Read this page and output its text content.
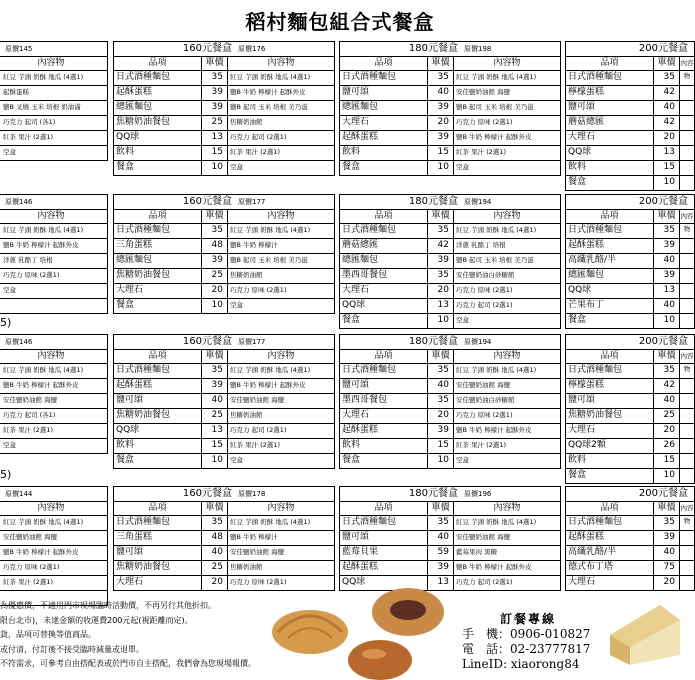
稻村麵包組合式餐盒
原價145
內容物
紅豆 芋頭 奶酥 地瓜 (4選1)
起酥蛋糕
鹽B 叉燒 玉米 培根 奶油滿
巧克力 起司 (各1)
紅茶 果汁 (2選1)
空盒
160元餐盒 原價176
品項	單價	內容物
日式酒種麵包	35	紅豆 芋頭 奶酥 地瓜 (4選1)
起酥蛋糕	39	鹽B 牛奶 檸檬汁 起酥外皮
總匯麵包	39	鹽B 起司 玉米 培根 美乃滋
焦糖奶油餐包	25	焦糖奶油館
QQ球	13	巧克力 起司 (2選1)
飲料	15	紅茶 果汁 (2選1)
餐盒	10	空盒
180元餐盒 原價198
品項	單價	內容物
日式酒種麵包	35	紅豆 芋頭 奶酥 地瓜 (4選1)
鹽可頌	40	安佳鹽奶油館 海鹽
總匯麵包	39	鹽B 起司 玉米 培根 美乃滋
大理石	20	巧克力 原味 (2選1)
起酥蛋糕	39	鹽B 牛奶 檸檬汁 起酥外皮
飲料	15	紅茶 果汁 (2選1)
餐盒	10	空盒
200元餐盒
品項	單價 內容物
日式酒種麵包	35
檸檬蛋糕	42
鹽可頌	40
蘑菇總匯	42
大理石	20
QQ球	13
飲料	15
餐盒	10
原價146
內容物
紅豆 芋頭 奶酥 地瓜 (4選1)
鹽B 牛奶 檸檬汁 起酥外皮
洋蔥 乳酪丁 培根
巧克力 原味 (2選1)
空盒
160元餐盒 原價177
品項	單價	內容物
日式酒種麵包	35	紅豆 芋頭 奶酥 地瓜 (4選1)
三角蛋糕	48	鹽B 牛奶 檸檬汁
總匯麵包	39	鹽B 起司 玉米 培根 美乃滋
焦糖奶油餐包	25	焦糖奶油館
大理石	20	巧克力 原味 (2選1)
餐盒	10	空盒
180元餐盒 原價194
品項	單價	內容物
日式酒種麵包	35	紅豆 芋頭 奶酥 地瓜 (4選1)
蘑菇總匯	42	洋蔥 乳酪丁 培根
總匯麵包	39	鹽B 起司 玉米 培根 美乃滋
墨西哥餐包	35	安佳鹽奶油白砂糖館
大理石	20	巧克力 原味 (2選1)
QQ球	13	巧克力 起司 (2選1)
餐盒	10	空盒
200元餐盒
品項	單價 內容物
日式酒種麵包	35
起酥蛋糕	39
高纖乳酪/半	40
總匯麵包	39
QQ球	13
芒果布丁	40
餐盒	10
5)
原價146
內容物
紅豆 芋頭 奶酥 地瓜 (4選1)
鹽B 牛奶 檸檬汁 起酥外皮
安佳鹽奶油館 海鹽
巧克力 起司 (各1)
紅茶 果汁 (2選1)
空盒
160元餐盒 原價177
品項	單價	內容物
日式酒種麵包	35	紅豆 芋頭 奶酥 地瓜 (4選1)
起酥蛋糕	39	鹽B 牛奶 檸檬汁 起酥外皮
鹽可頌	40	安佳鹽奶油館 海鹽
焦糖奶油餐包	25	焦糖奶油館
QQ球	13	巧克力 起司 (2選1)
飲料	15	紅茶 果汁 (2選1)
餐盒	10	空盒
180元餐盒 原價194
品項	單價	內容物
日式酒種麵包	35	紅豆 芋頭 奶酥 地瓜 (4選1)
鹽可頌	40	安佳鹽奶油館 海鹽
墨西哥餐包	35	安佳鹽奶油白砂糖館
大理石	20	巧克力 原味 (2選1)
起酥蛋糕	39	鹽B 牛奶 檸檬汁 起酥外皮
飲料	15	紅茶 果汁 (2選1)
餐盒	10	空盒
200元餐盒
品項	單價 內容物
日式酒種麵包	35
檸檬蛋糕	42
鹽可頌	40
焦糖奶油餐包	25
大理石	20
QQ球2顆	26
飲料	15
餐盒	10
5)
原價144
內容物
紅豆 芋頭 奶酥 地瓜 (4選1)
安佳鹽奶油館 海鹽
鹽B 牛奶 檸檬汁 起酥外皮
巧克力 原味 (2選1)
紅茶 果汁 (2選1)
160元餐盒 原價178
品項	單價	內容物
日式酒種麵包	35	紅豆 芋頭 奶酥 地瓜 (4選1)
三角蛋糕	48	鹽B 牛奶 檸檬汁
鹽可頌	40	安佳鹽奶油館 海鹽
焦糖奶油餐包	25	焦糖奶油館
大理石	20	巧克力 原味 (2選1)
180元餐盒 原價196
品項	單價	內容物
日式酒種麵包	35	紅豆 芋頭 奶酥 地瓜 (4選1)
鹽可頌	40	安佳鹽奶油館 海鹽
藍莓貝果	59	藍莓果肉 黑糖
起酥蛋糕	39	鹽B 牛奶 檸檬汁 起酥外皮
QQ球	13	巧克力 起司 (2選1)
200元餐盒
品項	單價 內容物
日式酒種麵包	35
起酥蛋糕	39
高纖乳酪/半	40
德式布丁塔	75
大理石	20
為優惠價，不適用門市現場臨時活動價，不再另行其他折扣。
限台北市)，未達金額的收運費200元起(視距離而定)。
貨，品項可替換等值商品。
或付清，付訂後不接受臨時減量或退單。
不符需求，可參考自由搭配表或於門市自主搭配，我們會為您現場報價。
訂餐專線
手　機：0906-010827
電　話：02-23777817
LineID: xiaorong84
